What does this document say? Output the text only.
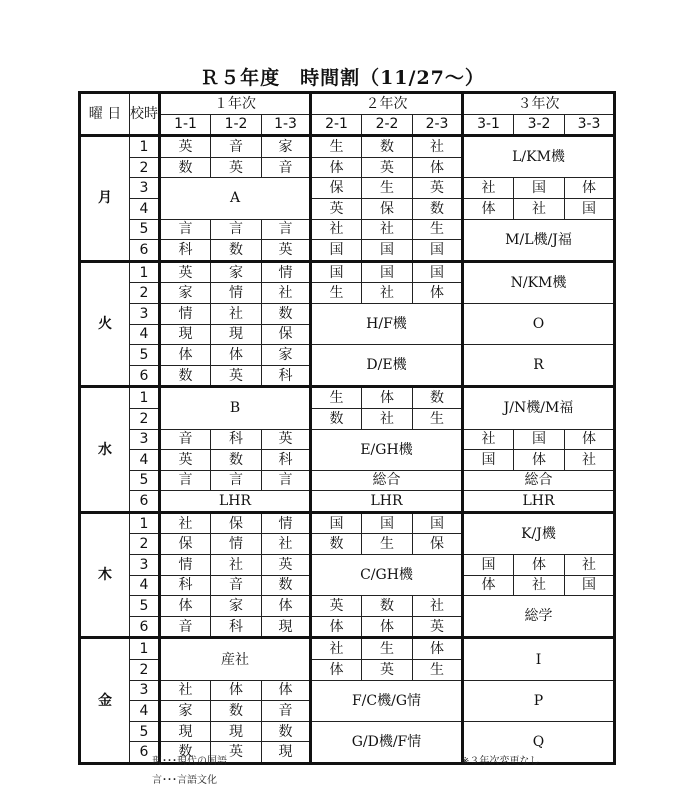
Ｒ５年度　時間割（11/27～）
曜 日	校時	１年次			２年次			３年次		
		1-1	1-2	1-3	2-1	2-2	2-3	3-1	3-2	3-3
月	1	英	音	家	生	数	社	L/KM機		
	2	数	英	音	体	英	体			
	3	A			保	生	英	社	国	体
	4				英	保	数	体	社	国
	5	言	言	言	社	社	生	M/L機/J福		
	6	科	数	英	国	国	国			
火	1	英	家	情	国	国	国	N/KM機		
	2	家	情	社	生	社	体			
	3	情	社	数	H/F機			O		
	4	現	現	保						
	5	体	体	家	D/E機			R		
	6	数	英	科						
水	1	B			生	体	数	J/N機/M福		
	2				数	社	生			
	3	音	科	英	E/GH機			社	国	体
	4	英	数	科				国	体	社
	5	言	言	言	総合			総合		
	6	LHR			LHR			LHR		
木	1	社	保	情	国	国	国	K/J機		
	2	保	情	社	数	生	保			
	3	情	社	英	C/GH機			国	体	社
	4	科	音	数				体	社	国
	5	体	家	体	英	数	社	総学		
	6	音	科	現	体	体	英			
金	1	産社			社	生	体	I		
	2				体	英	生			
	3	社	体	体	F/C機/G情			P		
	4	家	数	音						
	5	現	現	数	G/D機/F情			Q		
	6	数	英	現						
現･･･現代の国語
言･･･言語文化
※３年次変更なし
